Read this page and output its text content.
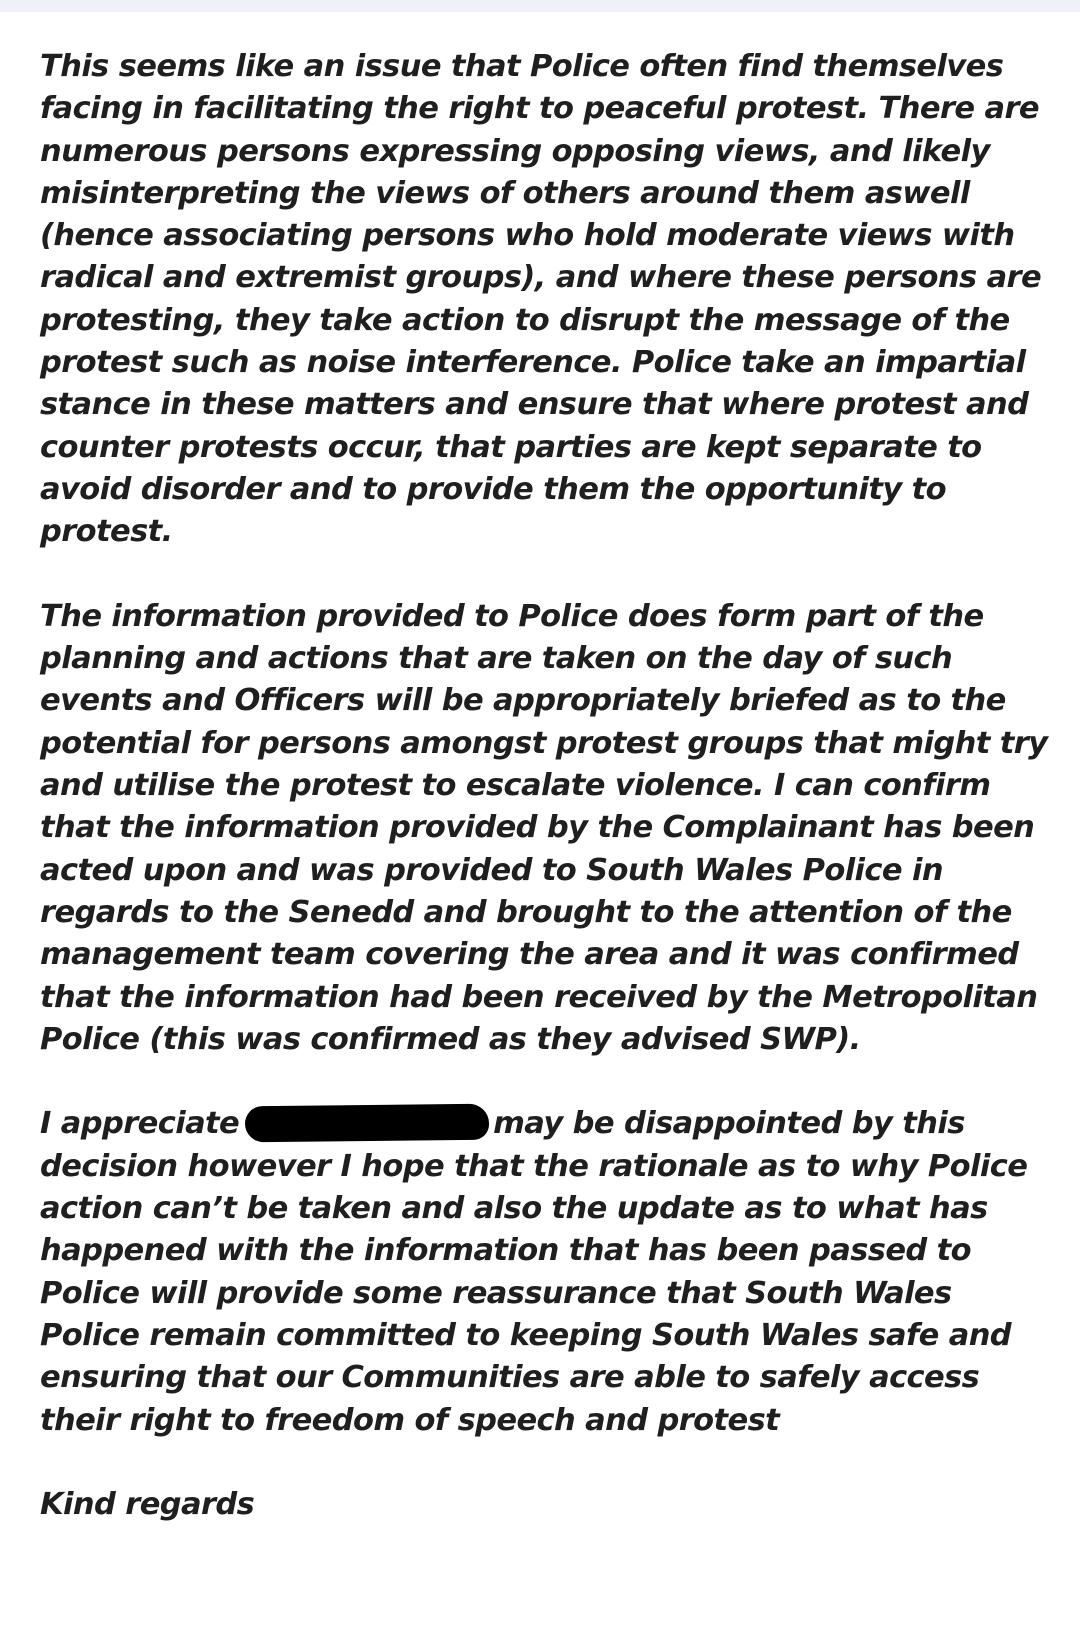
This seems like an issue that Police often find themselves
facing in facilitating the right to peaceful protest. There are
numerous persons expressing opposing views, and likely
misinterpreting the views of others around them aswell
(hence associating persons who hold moderate views with
radical and extremist groups), and where these persons are
protesting, they take action to disrupt the message of the
protest such as noise interference. Police take an impartial
stance in these matters and ensure that where protest and
counter protests occur, that parties are kept separate to
avoid disorder and to provide them the opportunity to
protest.

The information provided to Police does form part of the
planning and actions that are taken on the day of such
events and Officers will be appropriately briefed as to the
potential for persons amongst protest groups that might try
and utilise the protest to escalate violence. I can confirm
that the information provided by the Complainant has been
acted upon and was provided to South Wales Police in
regards to the Senedd and brought to the attention of the
management team covering the area and it was confirmed
that the information had been received by the Metropolitan
Police (this was confirmed as they advised SWP).

I appreciate	may be disappointed by this
decision however I hope that the rationale as to why Police
action can’t be taken and also the update as to what has
happened with the information that has been passed to
Police will provide some reassurance that South Wales
Police remain committed to keeping South Wales safe and
ensuring that our Communities are able to safely access
their right to freedom of speech and protest

Kind regards
